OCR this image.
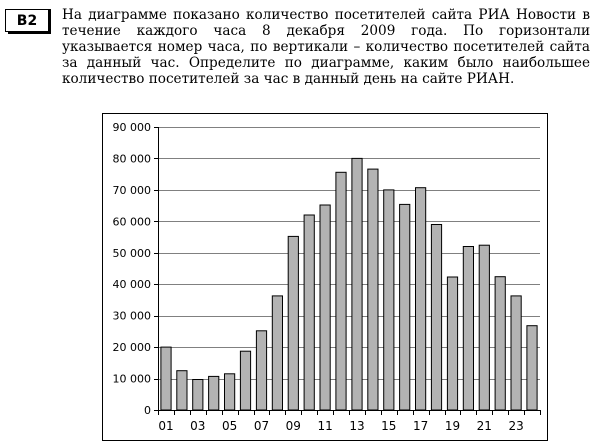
B2 На диаграмме показано количество посетителей сайта РИА Новости в течение каждого часа 8 декабря 2009 года. По горизонтали указывается номер часа, по вертикали – количество посетителей сайта за данный час. Определите по диаграмме, каким было наибольшее количество посетителей за час в данный день на сайте РИАН.
0
10 000
20 000
30 000
40 000
50 000
60 000
70 000
80 000
90 000
01 03 05 07 09 11 13 15 17 19 21 23
